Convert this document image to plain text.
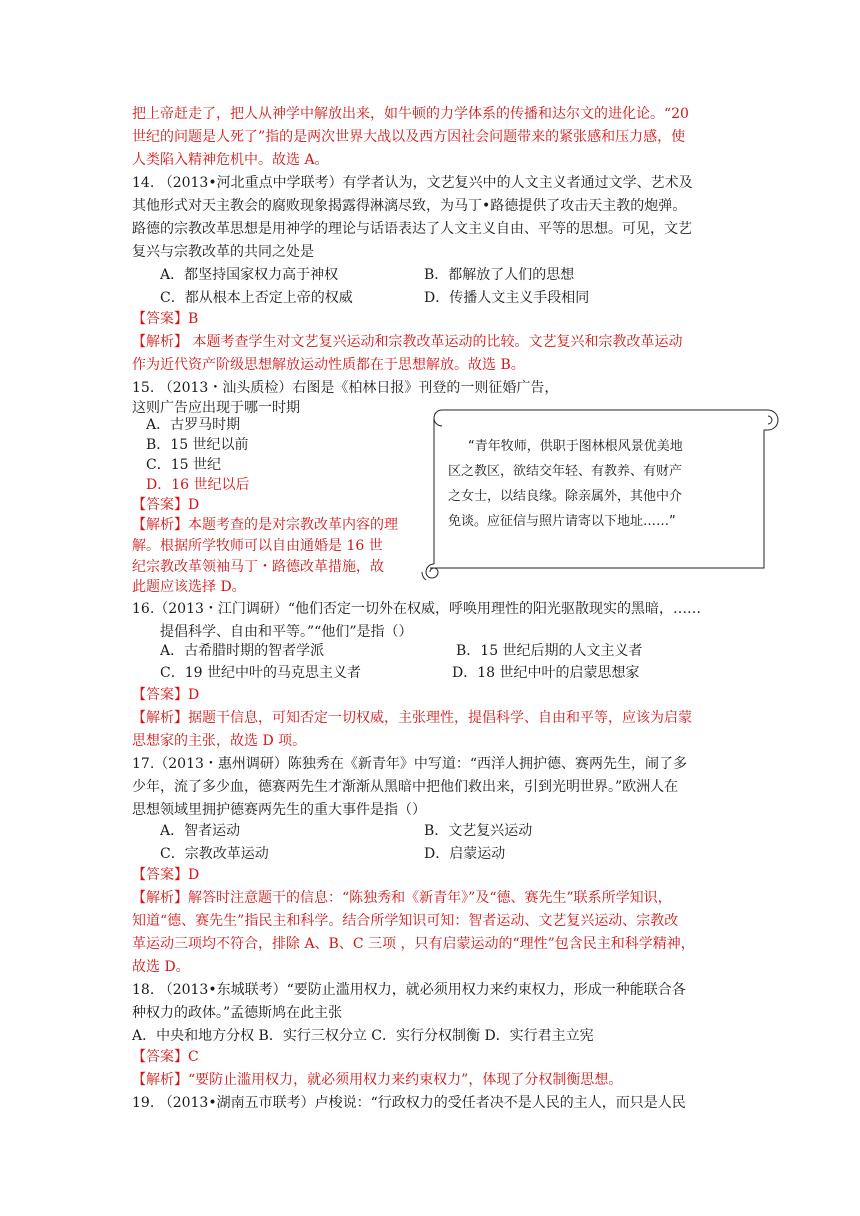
把上帝赶走了，把人从神学中解放出来，如牛顿的力学体系的传播和达尔文的进化论。“20
世纪的问题是人死了”指的是两次世界大战以及西方因社会问题带来的紧张感和压力感，使
人类陷入精神危机中。故选 A。
14. （2013•河北重点中学联考）有学者认为，文艺复兴中的人文主义者通过文学、艺术及
其他形式对天主教会的腐败现象揭露得淋漓尽致，为马丁•路德提供了攻击天主教的炮弹。
路德的宗教改革思想是用神学的理论与话语表达了人文主义自由、平等的思想。可见，文艺
复兴与宗教改革的共同之处是
A．都坚持国家权力高于神权	B．都解放了人们的思想
C．都从根本上否定上帝的权威	D．传播人文主义手段相同
【答案】B
【解析】 本题考查学生对文艺复兴运动和宗教改革运动的比较。文艺复兴和宗教改革运动
作为近代资产阶级思想解放运动性质都在于思想解放。故选 B。
15. （2013・汕头质检）右图是《柏林日报》刊登的一则征婚广告，
这则广告应出现于哪一时期
A．古罗马时期
B．15 世纪以前
C．15 世纪
D．16 世纪以后
【答案】D
【解析】本题考查的是对宗教改革内容的理
解。根据所学牧师可以自由通婚是 16 世
纪宗教改革领袖马丁・路德改革措施，故
此题应该选择 D。
16.（2013・江门调研）“他们否定一切外在权威，呼唤用理性的阳光驱散现实的黑暗，……
提倡科学、自由和平等。”“他们”是指（）
A．古希腊时期的智者学派	B．15 世纪后期的人文主义者
C．19 世纪中叶的马克思主义者	D．18 世纪中叶的启蒙思想家
【答案】D
【解析】据题干信息，可知否定一切权威，主张理性，提倡科学、自由和平等，应该为启蒙
思想家的主张，故选 D 项。
17.（2013・惠州调研）陈独秀在《新青年》中写道：“西洋人拥护德、赛两先生，闹了多
少年，流了多少血，德赛两先生才渐渐从黑暗中把他们救出来，引到光明世界。”欧洲人在
思想领域里拥护德赛两先生的重大事件是指（）
A．智者运动	B．文艺复兴运动
C．宗教改革运动	D．启蒙运动
【答案】D
【解析】解答时注意题干的信息：“陈独秀和《新青年》”及“德、赛先生”联系所学知识，
知道“德、赛先生”指民主和科学。结合所学知识可知：智者运动、文艺复兴运动、宗教改
革运动三项均不符合，排除 A、B、C 三项 ，只有启蒙运动的“理性”包含民主和科学精神，
故选 D。
18. （2013•东城联考）“要防止滥用权力，就必须用权力来约束权力，形成一种能联合各
种权力的政体。”孟德斯鸠在此主张
A．中央和地方分权 B．实行三权分立 C．实行分权制衡 D．实行君主立宪
【答案】C
【解析】“要防止滥用权力，就必须用权力来约束权力”，体现了分权制衡思想。
19. （2013•湖南五市联考）卢梭说：“行政权力的受任者决不是人民的主人，而只是人民
“青年牧师，供职于图林根风景优美地
区之教区，欲结交年轻、有教养、有财产
之女士，以结良缘。除亲属外，其他中介
免谈。应征信与照片请寄以下地址……”
